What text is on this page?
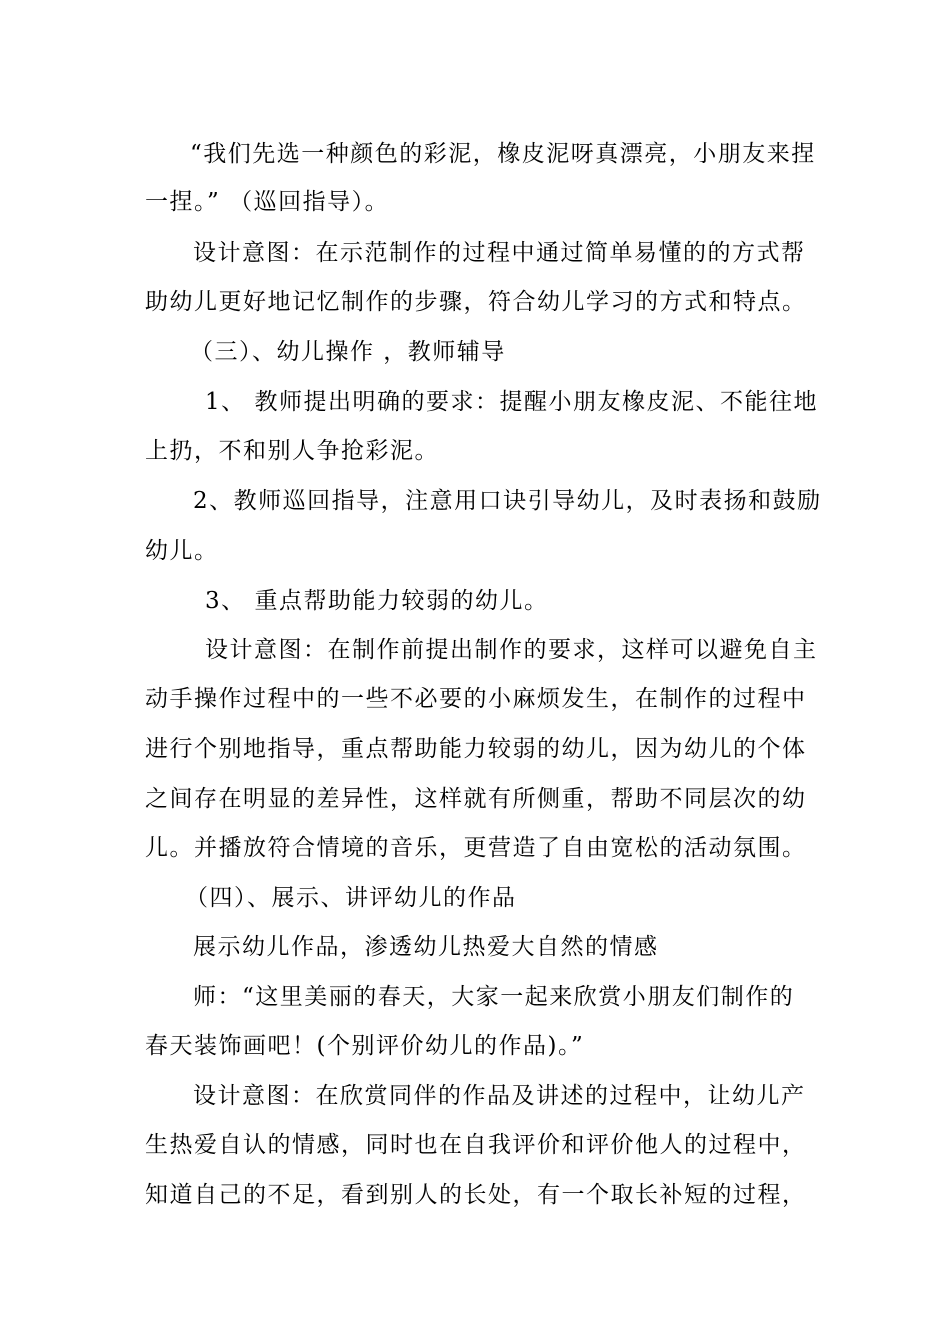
“我们先选一种颜色的彩泥，橡皮泥呀真漂亮，小朋友来捏
一捏。” （巡回指导）。
设计意图：在示范制作的过程中通过简单易懂的的方式帮
助幼儿更好地记忆制作的步骤，符合幼儿学习的方式和特点。
（三）、幼儿操作 ，教师辅导
1、 教师提出明确的要求：提醒小朋友橡皮泥、不能往地
上扔，不和别人争抢彩泥。
2、教师巡回指导，注意用口诀引导幼儿，及时表扬和鼓励
幼儿。
3、 重点帮助能力较弱的幼儿。
设计意图：在制作前提出制作的要求，这样可以避免自主
动手操作过程中的一些不必要的小麻烦发生，在制作的过程中
进行个别地指导，重点帮助能力较弱的幼儿，因为幼儿的个体
之间存在明显的差异性，这样就有所侧重，帮助不同层次的幼
儿。并播放符合情境的音乐，更营造了自由宽松的活动氛围。
（四）、展示、讲评幼儿的作品
展示幼儿作品，渗透幼儿热爱大自然的情感
师：“这里美丽的春天，大家一起来欣赏小朋友们制作的
春天装饰画吧！(个别评价幼儿的作品)。”
设计意图：在欣赏同伴的作品及讲述的过程中，让幼儿产
生热爱自认的情感，同时也在自我评价和评价他人的过程中，
知道自己的不足，看到别人的长处，有一个取长补短的过程，
